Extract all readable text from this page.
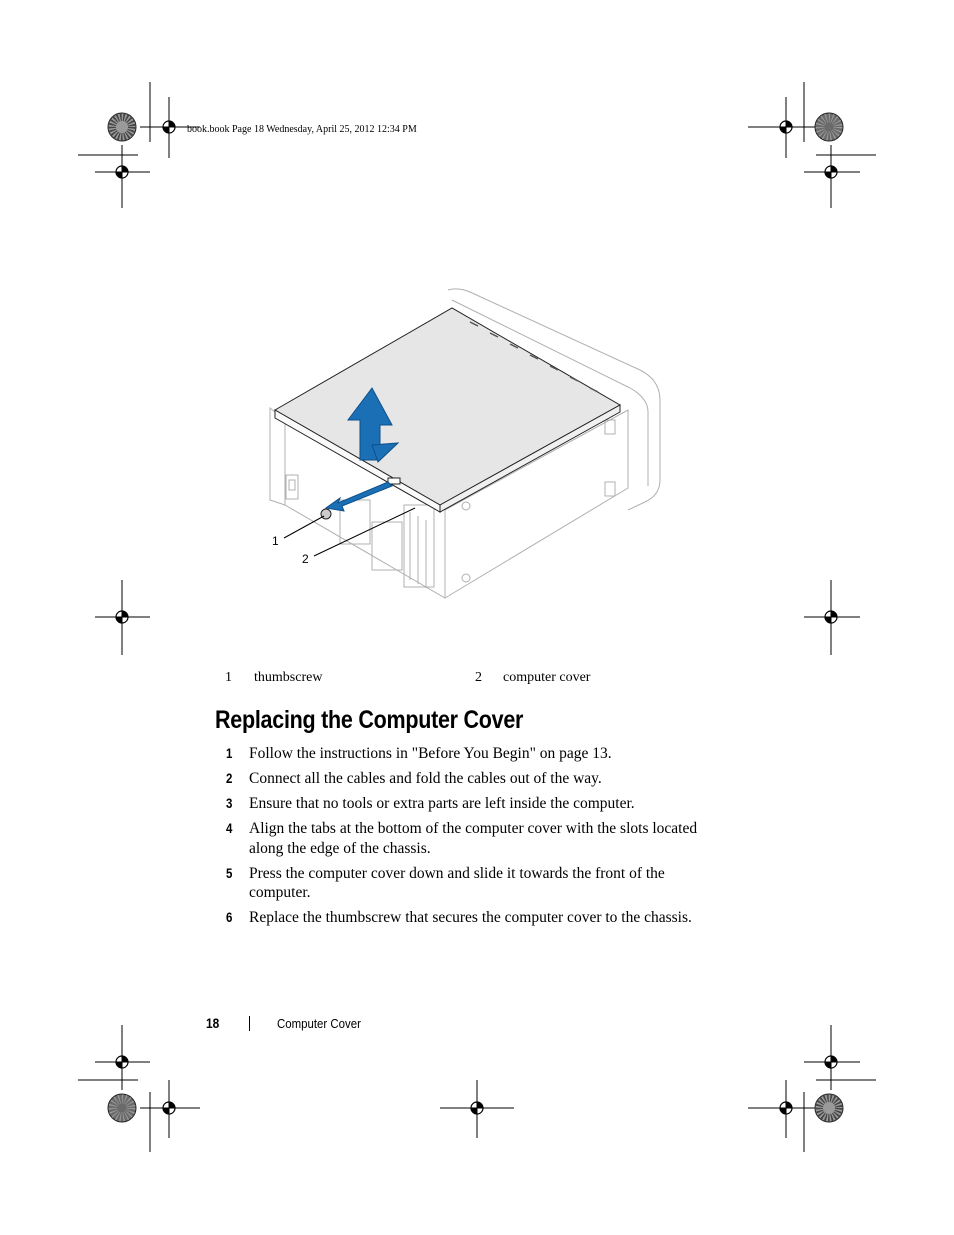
book.book Page 18 Wednesday, April 25, 2012 12:34 PM
1
2
1 thumbscrew	2 computer cover
Replacing the Computer Cover
1	Follow the instructions in "Before You Begin" on page 13.
2	Connect all the cables and fold the cables out of the way.
3	Ensure that no tools or extra parts are left inside the computer.
4	Align the tabs at the bottom of the computer cover with the slots located along the edge of the chassis.
5	Press the computer cover down and slide it towards the front of the computer.
6	Replace the thumbscrew that secures the computer cover to the chassis.
18	Computer Cover
